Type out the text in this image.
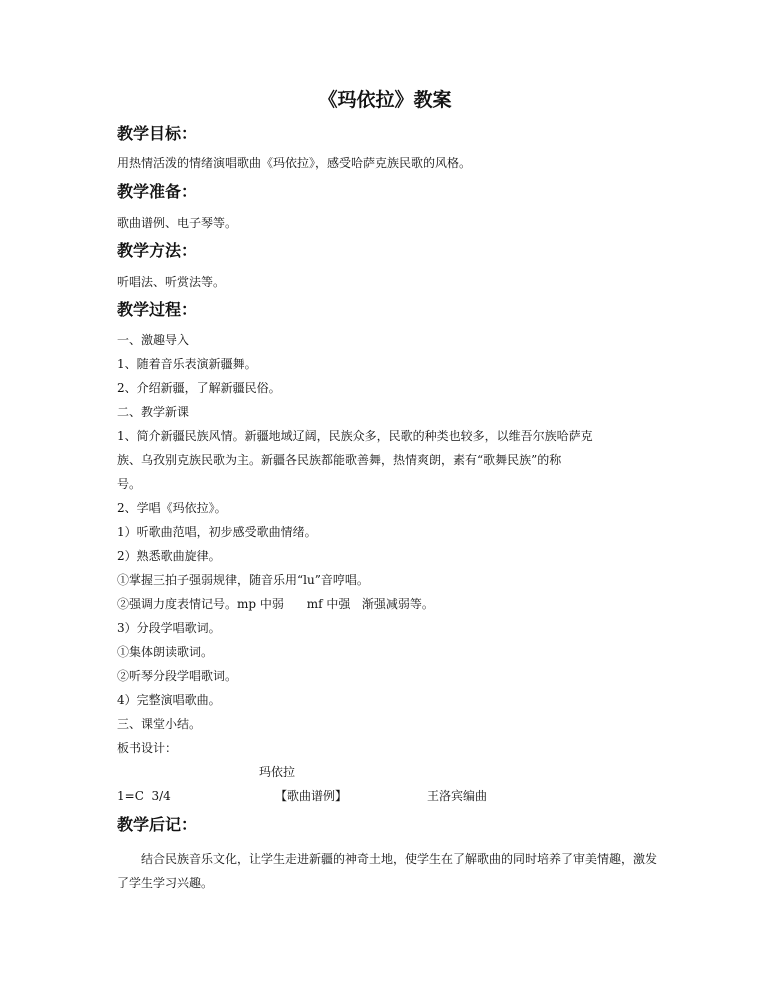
《玛依拉》教案
教学目标：
用热情活泼的情绪演唱歌曲《玛依拉》，感受哈萨克族民歌的风格。
教学准备：
歌曲谱例、电子琴等。
教学方法：
听唱法、听赏法等。
教学过程：
一、激趣导入
1、随着音乐表演新疆舞。
2、介绍新疆，了解新疆民俗。
二、教学新课
1、简介新疆民族风情。新疆地域辽阔，民族众多，民歌的种类也较多，以维吾尔族哈萨克
族、乌孜别克族民歌为主。新疆各民族都能歌善舞，热情爽朗，素有“歌舞民族”的称
号。
2、学唱《玛依拉》。
1）听歌曲范唱，初步感受歌曲情绪。
2）熟悉歌曲旋律。
①掌握三拍子强弱规律，随音乐用“lu”音哼唱。
②强调力度表情记号。mp 中弱      mf 中强   渐强减弱等。
3）分段学唱歌词。
①集体朗读歌词。
②听琴分段学唱歌词。
4）完整演唱歌曲。
三、课堂小结。
板书设计：
玛依拉
1=C  3/4	【歌曲谱例】	王洛宾编曲
教学后记：
结合民族音乐文化，让学生走进新疆的神奇土地，使学生在了解歌曲的同时培养了审美情趣，激发了学生学习兴趣。
